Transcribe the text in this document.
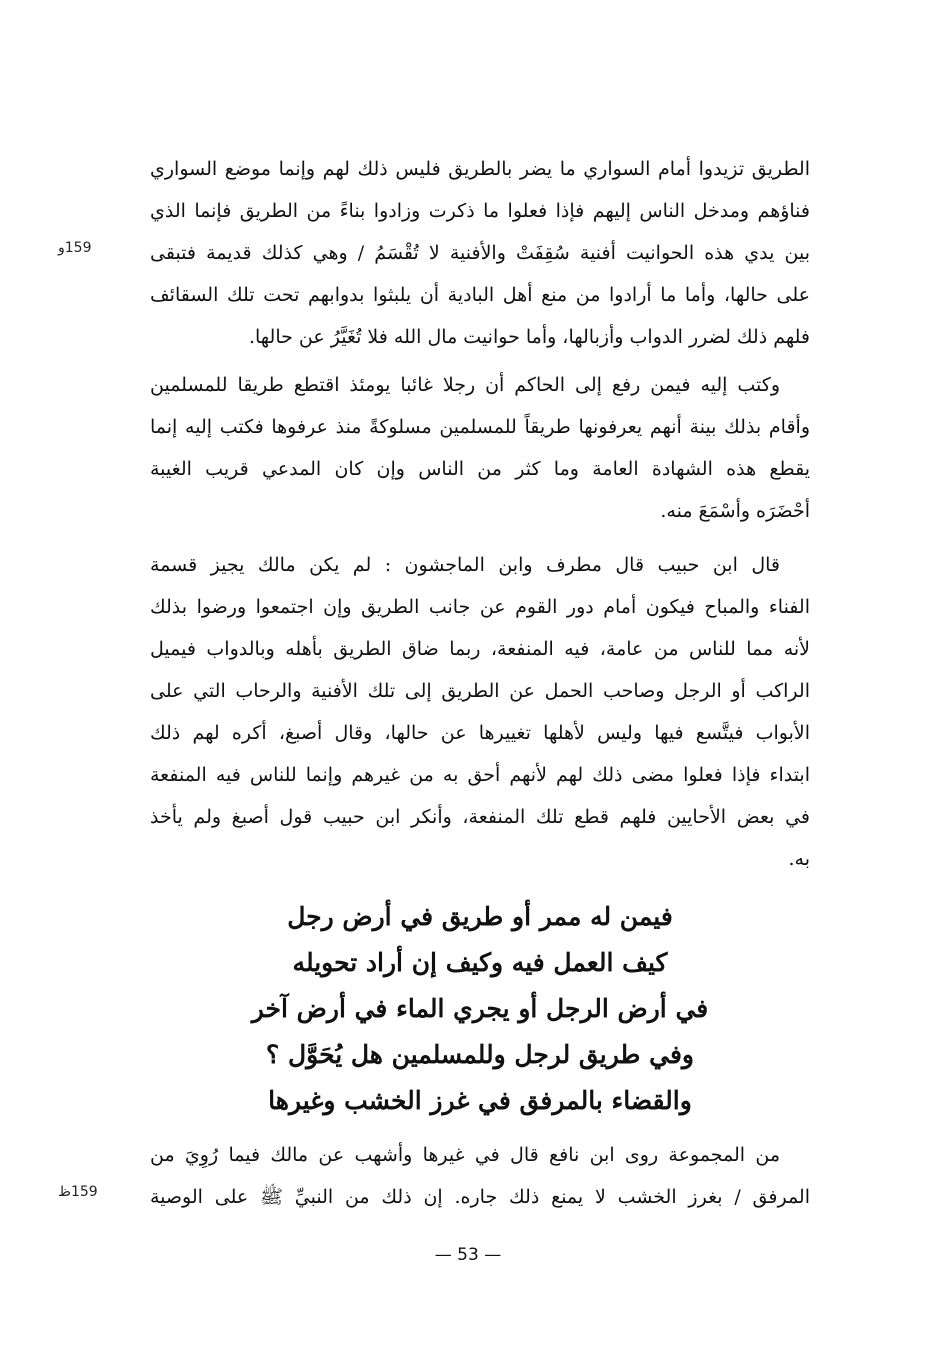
159و
159ظ
الطريق تزيدوا أمام السواري ما يضر بالطريق فليس ذلك لهم وإنما موضع السواري
فناؤهم ومدخل الناس إليهم فإذا فعلوا ما ذكرت وزادوا بناءً من الطريق فإنما الذي
بين يدي هذه الحوانيت أفنية سُقِفَتْ والأفنية لا تُقْسَمُ / وهي كذلك قديمة فتبقى
على حالها، وأما ما أرادوا من منع أهل البادية أن يلبثوا بدوابهم تحت تلك السقائف
فلهم ذلك لضرر الدواب وأزبالها، وأما حوانيت مال الله فلا تُغَيَّرُ عن حالها.
وكتب إليه فيمن رفع إلى الحاكم أن رجلا غائبا يومئذ اقتطع طريقا للمسلمين
وأقام بذلك بينة أنهم يعرفونها طريقاً للمسلمين مسلوكةً منذ عرفوها فكتب إليه إنما
يقطع هذه الشهادة العامة وما كثر من الناس وإن كان المدعي قريب الغيبة
أحْضَرَه وأسْمَعَ منه.
قال ابن حبيب قال مطرف وابن الماجشون : لم يكن مالك يجيز قسمة
الفناء والمباح فيكون أمام دور القوم عن جانب الطريق وإن اجتمعوا ورضوا بذلك
لأنه مما للناس من عامة، فيه المنفعة، ربما ضاق الطريق بأهله وبالدواب فيميل
الراكب أو الرجل وصاحب الحمل عن الطريق إلى تلك الأفنية والرحاب التي على
الأبواب فيتَّسع فيها وليس لأهلها تغييرها عن حالها، وقال أصبغ، أكره لهم ذلك
ابتداء فإذا فعلوا مضى ذلك لهم لأنهم أحق به من غيرهم وإنما للناس فيه المنفعة
في بعض الأحايين فلهم قطع تلك المنفعة، وأنكر ابن حبيب قول أصبغ ولم يأخذ
به.
فيمن له ممر أو طريق في أرض رجل
كيف العمل فيه وكيف إن أراد تحويله
في أرض الرجل أو يجري الماء في أرض آخر
وفي طريق لرجل وللمسلمين هل يُحَوَّل ؟
والقضاء بالمرفق في غرز الخشب وغيرها
من المجموعة روى ابن نافع قال في غيرها وأشهب عن مالك فيما رُوِيَ من
المرفق / بغرز الخشب لا يمنع ذلك جاره. إن ذلك من النبيِّ ﷺ على الوصية
— 53 —
